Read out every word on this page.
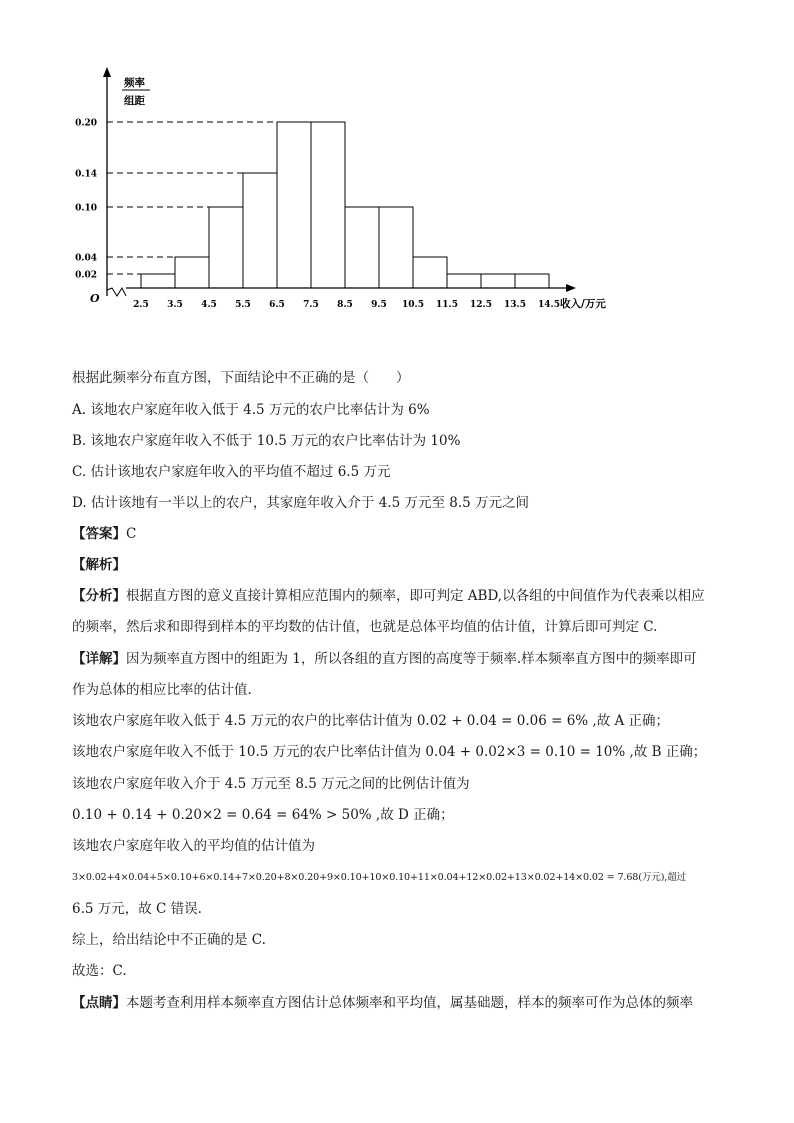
0.02
0.04
0.10
0.14
0.20
2.5 3.5 4.5 5.5 6.5 7.5 8.5 9.5 10.5 11.5 12.5 13.5 14.5
频率
组距
收入/万元
O
根据此频率分布直方图，下面结论中不正确的是（　　）
A. 该地农户家庭年收入低于 4.5 万元的农户比率估计为 6%
B. 该地农户家庭年收入不低于 10.5 万元的农户比率估计为 10%
C. 估计该地农户家庭年收入的平均值不超过 6.5 万元
D. 估计该地有一半以上的农户，其家庭年收入介于 4.5 万元至 8.5 万元之间
【答案】C
【解析】
【分析】根据直方图的意义直接计算相应范围内的频率，即可判定 ABD,以各组的中间值作为代表乘以相应
的频率，然后求和即得到样本的平均数的估计值，也就是总体平均值的估计值，计算后即可判定 C.
【详解】因为频率直方图中的组距为 1，所以各组的直方图的高度等于频率.样本频率直方图中的频率即可
作为总体的相应比率的估计值.
该地农户家庭年收入低于 4.5 万元的农户的比率估计值为 0.02 + 0.04 = 0.06 = 6% ,故 A 正确；
该地农户家庭年收入不低于 10.5 万元的农户比率估计值为 0.04 + 0.02×3 = 0.10 = 10% ,故 B 正确；
该地农户家庭年收入介于 4.5 万元至 8.5 万元之间的比例估计值为
0.10 + 0.14 + 0.20×2 = 0.64 = 64% > 50% ,故 D 正确；
该地农户家庭年收入的平均值的估计值为
3×0.02+4×0.04+5×0.10+6×0.14+7×0.20+8×0.20+9×0.10+10×0.10+11×0.04+12×0.02+13×0.02+14×0.02 = 7.68(万元),超过
6.5 万元，故 C 错误.
综上，给出结论中不正确的是 C.
故选：C.
【点睛】本题考查利用样本频率直方图估计总体频率和平均值，属基础题，样本的频率可作为总体的频率
